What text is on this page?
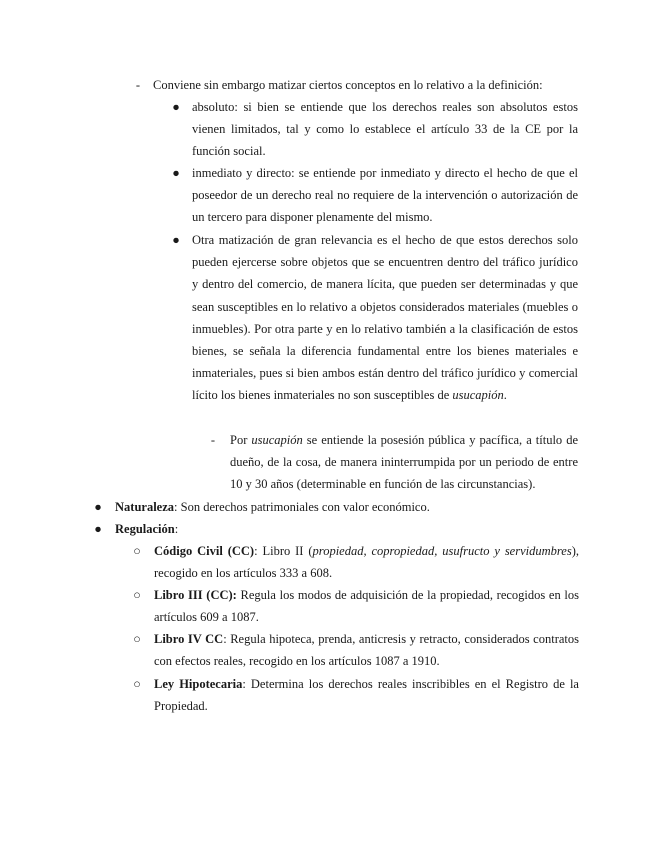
- Conviene sin embargo matizar ciertos conceptos en lo relativo a la definición:
● absoluto: si bien se entiende que los derechos reales son absolutos estos vienen limitados, tal y como lo establece el artículo 33 de la CE por la función social.
● inmediato y directo: se entiende por inmediato y directo el hecho de que el poseedor de un derecho real no requiere de la intervención o autorización de un tercero para disponer plenamente del mismo.
● Otra matización de gran relevancia es el hecho de que estos derechos solo pueden ejercerse sobre objetos que se encuentren dentro del tráfico jurídico y dentro del comercio, de manera lícita, que pueden ser determinadas y que sean susceptibles en lo relativo a objetos considerados materiales (muebles o inmuebles). Por otra parte y en lo relativo también a la clasificación de estos bienes, se señala la diferencia fundamental entre los bienes materiales e inmateriales, pues si bien ambos están dentro del tráfico jurídico y comercial lícito los bienes inmateriales no son susceptibles de usucapión.
- Por usucapión se entiende la posesión pública y pacífica, a título de dueño, de la cosa, de manera ininterrumpida por un periodo de entre 10 y 30 años (determinable en función de las circunstancias).
● Naturaleza: Son derechos patrimoniales con valor económico.
● Regulación:
○ Código Civil (CC): Libro II (propiedad, copropiedad, usufructo y servidumbres), recogido en los artículos 333 a 608.
○ Libro III (CC): Regula los modos de adquisición de la propiedad, recogidos en los artículos 609 a 1087.
○ Libro IV CC: Regula hipoteca, prenda, anticresis y retracto, considerados contratos con efectos reales, recogido en los artículos 1087 a 1910.
○ Ley Hipotecaria: Determina los derechos reales inscribibles en el Registro de la Propiedad.
